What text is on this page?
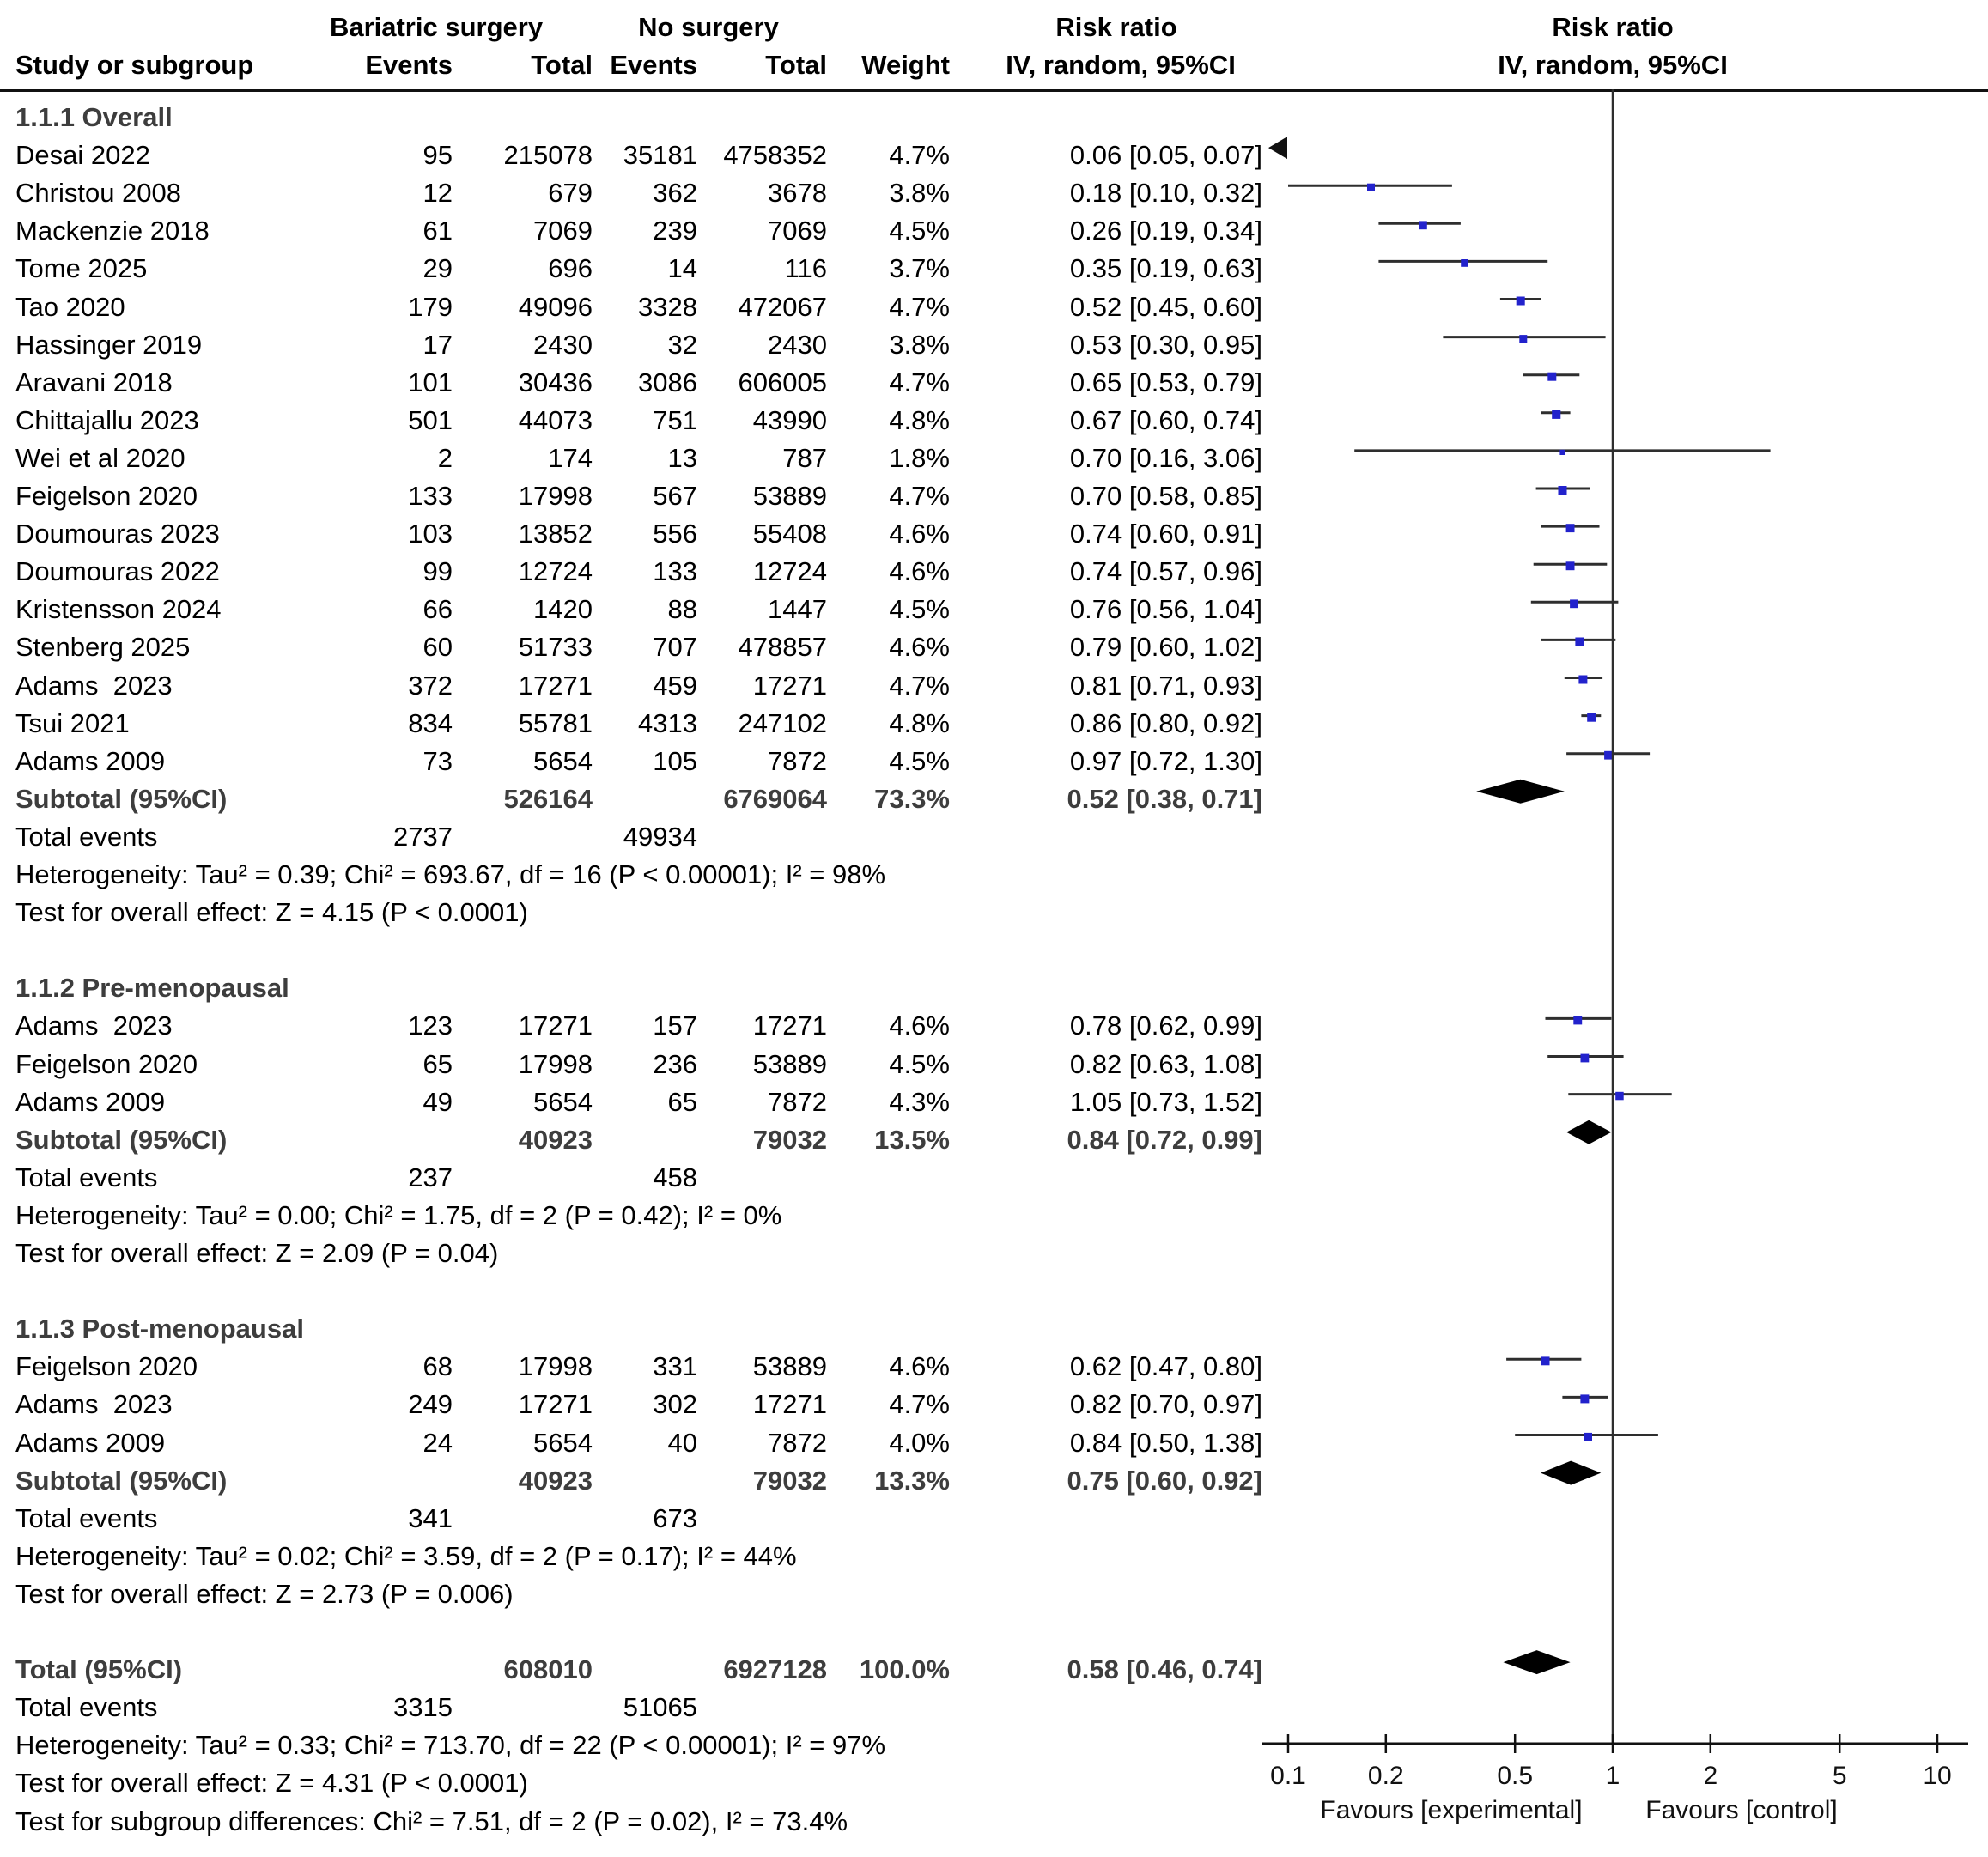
Bariatric surgery	No surgery	Risk ratio	Risk ratio
Study or subgroup	Events	Total Events	Total	Weight	IV, random, 95%CI	IV, random, 95%CI
1.1.1 Overall
Desai 2022	95	215078	35181 4758352	4.7%	0.06 [0.05, 0.07]
Christou 2008	12	679	362	3678	3.8%	0.18 [0.10, 0.32]
Mackenzie 2018	61	7069	239	7069	4.5%	0.26 [0.19, 0.34]
Tome 2025	29	696	14	116	3.7%	0.35 [0.19, 0.63]
Tao 2020	179	49096	3328	472067	4.7%	0.52 [0.45, 0.60]
Hassinger 2019	17	2430	32	2430	3.8%	0.53 [0.30, 0.95]
Aravani 2018	101	30436	3086	606005	4.7%	0.65 [0.53, 0.79]
Chittajallu 2023	501	44073	751	43990	4.8%	0.67 [0.60, 0.74]
Wei et al 2020	2	174	13	787	1.8%	0.70 [0.16, 3.06]
Feigelson 2020	133	17998	567	53889	4.7%	0.70 [0.58, 0.85]
Doumouras 2023	103	13852	556	55408	4.6%	0.74 [0.60, 0.91]
Doumouras 2022	99	12724	133	12724	4.6%	0.74 [0.57, 0.96]
Kristensson 2024	66	1420	88	1447	4.5%	0.76 [0.56, 1.04]
Stenberg 2025	60	51733	707	478857	4.6%	0.79 [0.60, 1.02]
Adams  2023	372	17271	459	17271	4.7%	0.81 [0.71, 0.93]
Tsui 2021	834	55781	4313	247102	4.8%	0.86 [0.80, 0.92]
Adams 2009	73	5654	105	7872	4.5%	0.97 [0.72, 1.30]
Subtotal (95%CI)	526164	6769064	73.3%	0.52 [0.38, 0.71]
Total events	2737	49934
Heterogeneity: Tau² = 0.39; Chi² = 693.67, df = 16 (P < 0.00001); I² = 98%
Test for overall effect: Z = 4.15 (P < 0.0001)
1.1.2 Pre-menopausal
Adams  2023	123	17271	157	17271	4.6%	0.78 [0.62, 0.99]
Feigelson 2020	65	17998	236	53889	4.5%	0.82 [0.63, 1.08]
Adams 2009	49	5654	65	7872	4.3%	1.05 [0.73, 1.52]
Subtotal (95%CI)	40923	79032	13.5%	0.84 [0.72, 0.99]
Total events	237	458
Heterogeneity: Tau² = 0.00; Chi² = 1.75, df = 2 (P = 0.42); I² = 0%
Test for overall effect: Z = 2.09 (P = 0.04)
1.1.3 Post-menopausal
Feigelson 2020	68	17998	331	53889	4.6%	0.62 [0.47, 0.80]
Adams  2023	249	17271	302	17271	4.7%	0.82 [0.70, 0.97]
Adams 2009	24	5654	40	7872	4.0%	0.84 [0.50, 1.38]
Subtotal (95%CI)	40923	79032	13.3%	0.75 [0.60, 0.92]
Total events	341	673
Heterogeneity: Tau² = 0.02; Chi² = 3.59, df = 2 (P = 0.17); I² = 44%
Test for overall effect: Z = 2.73 (P = 0.006)
Total (95%CI)	608010	6927128	100.0%	0.58 [0.46, 0.74]
Total events	3315	51065
Heterogeneity: Tau² = 0.33; Chi² = 713.70, df = 22 (P < 0.00001); I² = 97%
Test for overall effect: Z = 4.31 (P < 0.0001)
Test for subgroup differences: Chi² = 7.51, df = 2 (P = 0.02), I² = 73.4%	Favours [experimental]	Favours [control]
0.1	0.2	0.5	1	2	5	10
